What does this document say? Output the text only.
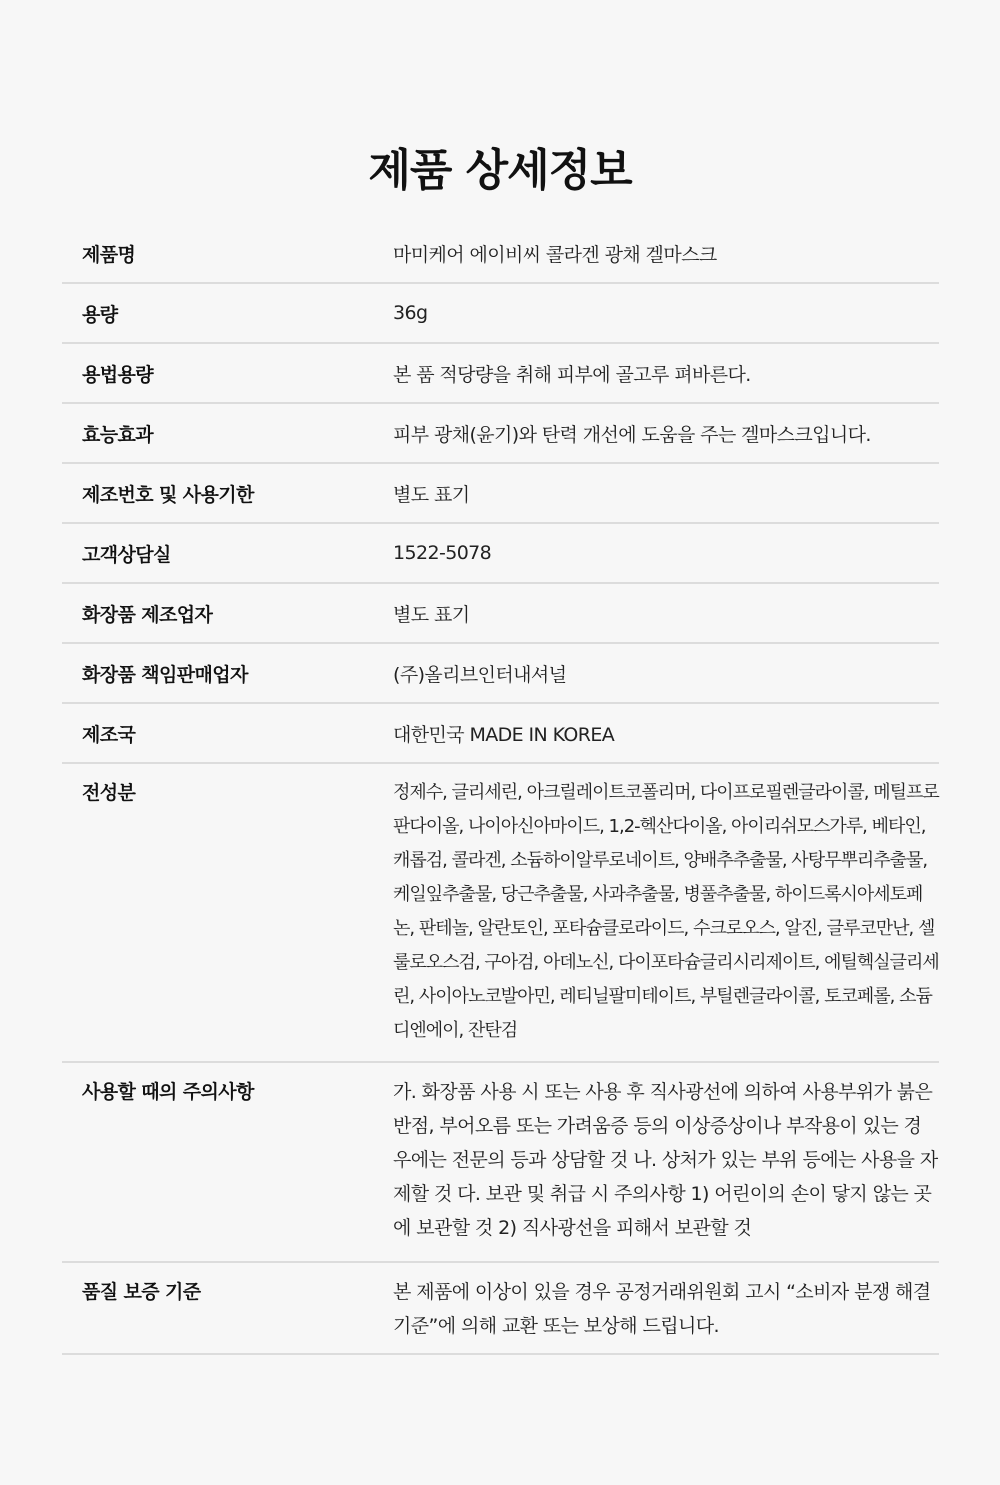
제품 상세정보
제품명	마미케어 에이비씨 콜라겐 광채 겔마스크
용량	36g
용법용량	본 품 적당량을 취해 피부에 골고루 펴바른다.
효능효과	피부 광채(윤기)와 탄력 개선에 도움을 주는 겔마스크입니다.
제조번호 및 사용기한	별도 표기
고객상담실	1522-5078
화장품 제조업자	별도 표기
화장품 책임판매업자	(주)올리브인터내셔널
제조국	대한민국 MADE IN KOREA
전성분	정제수, 글리세린, 아크릴레이트코폴리머, 다이프로필렌글라이콜, 메틸프로판다이올, 나이아신아마이드, 1,2-헥산다이올, 아이리쉬모스가루, 베타인, 캐롭검, 콜라겐, 소듐하이알루로네이트, 양배추추출물, 사탕무뿌리추출물, 케일잎추출물, 당근추출물, 사과추출물, 병풀추출물, 하이드록시아세토페논, 판테놀, 알란토인, 포타슘클로라이드, 수크로오스, 알진, 글루코만난, 셀룰로오스검, 구아검, 아데노신, 다이포타슘글리시리제이트, 에틸헥실글리세린, 사이아노코발아민, 레티닐팔미테이트, 부틸렌글라이콜, 토코페롤, 소듐디엔에이, 잔탄검
사용할 때의 주의사항	가. 화장품 사용 시 또는 사용 후 직사광선에 의하여 사용부위가 붉은 반점, 부어오름 또는 가려움증 등의 이상증상이나 부작용이 있는 경우에는 전문의 등과 상담할 것 나. 상처가 있는 부위 등에는 사용을 자제할 것 다. 보관 및 취급 시 주의사항 1) 어린이의 손이 닿지 않는 곳에 보관할 것 2) 직사광선을 피해서 보관할 것
품질 보증 기준	본 제품에 이상이 있을 경우 공정거래위원회 고시 “소비자 분쟁 해결 기준”에 의해 교환 또는 보상해 드립니다.
